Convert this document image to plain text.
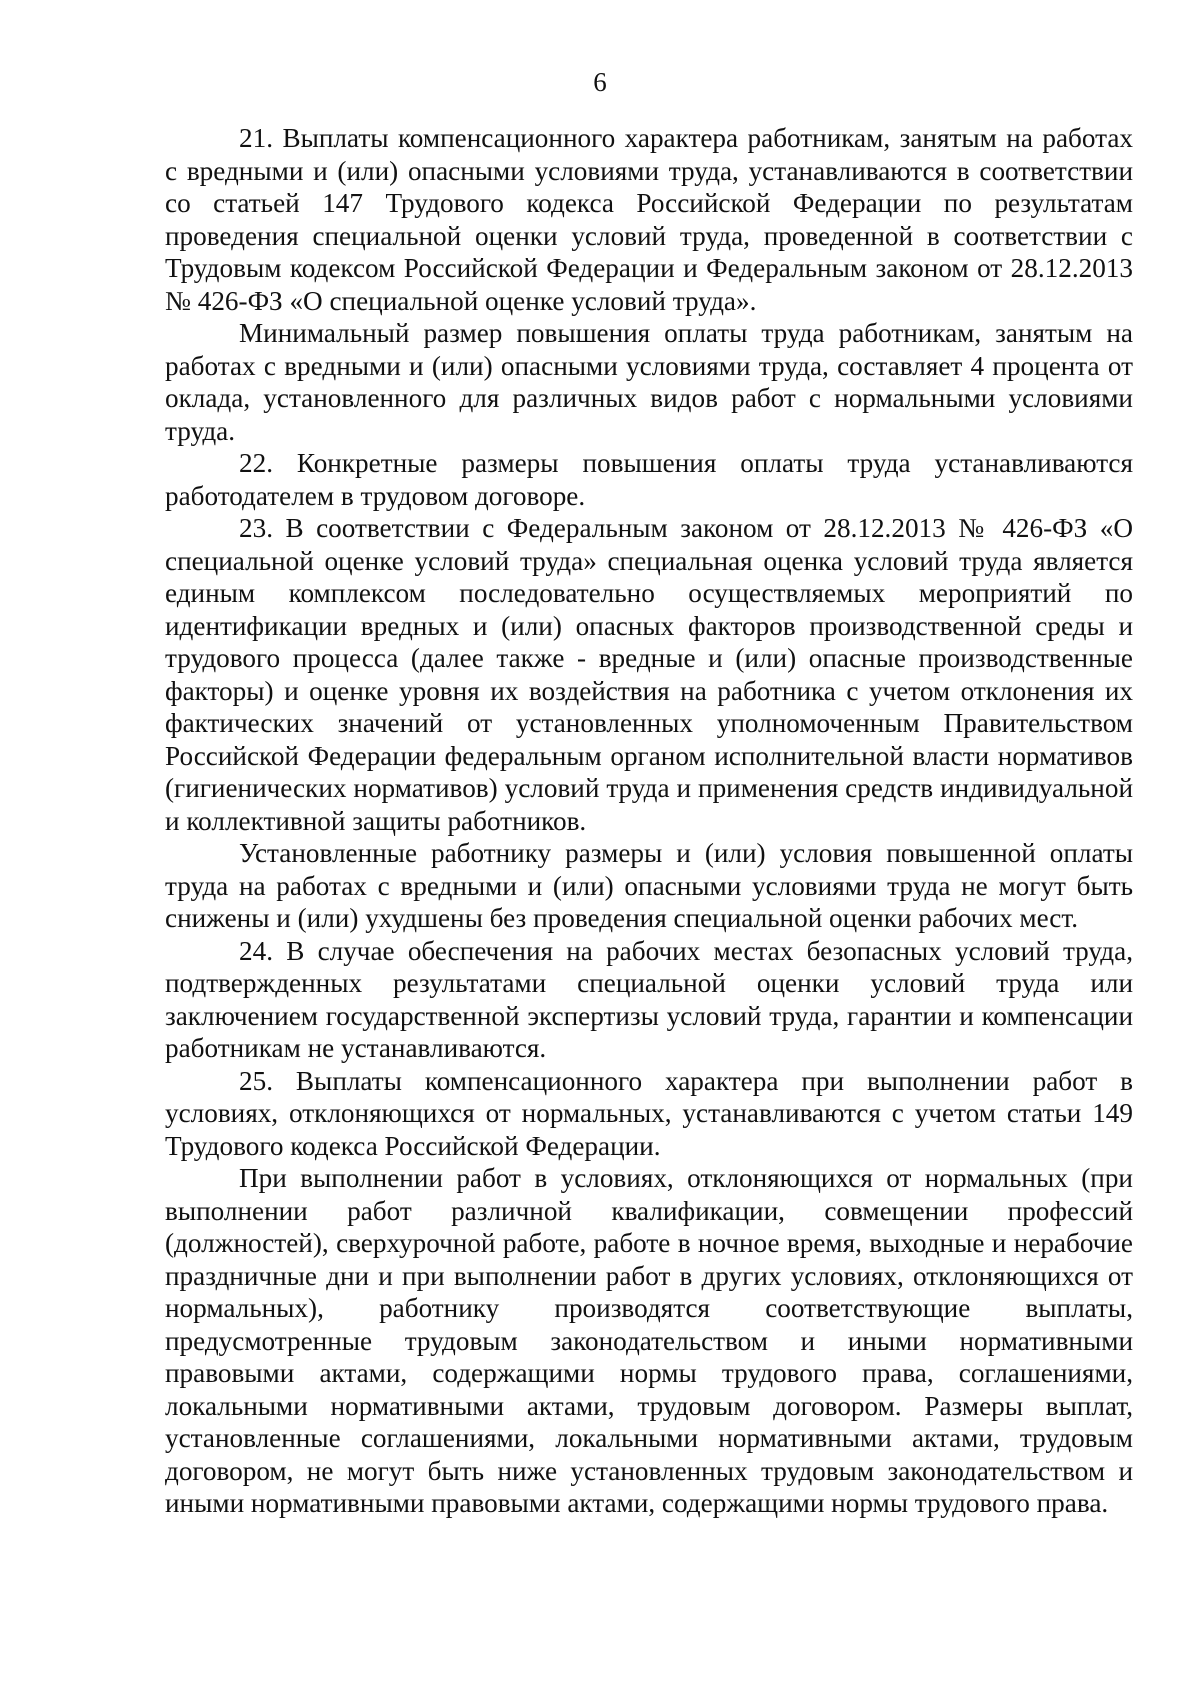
6

21. Выплаты компенсационного характера работникам, занятым на работах с вредными и (или) опасными условиями труда, устанавливаются в соответствии со статьей 147 Трудового кодекса Российской Федерации по результатам проведения специальной оценки условий труда, проведенной в соответствии с Трудовым кодексом Российской Федерации и Федеральным законом от 28.12.2013 № 426-ФЗ «О специальной оценке условий труда».

Минимальный размер повышения оплаты труда работникам, занятым на работах с вредными и (или) опасными условиями труда, составляет 4 процента от оклада, установленного для различных видов работ с нормальными условиями труда.

22. Конкретные размеры повышения оплаты труда устанавливаются работодателем в трудовом договоре.

23. В соответствии с Федеральным законом от 28.12.2013 № 426-ФЗ «О специальной оценке условий труда» специальная оценка условий труда является единым комплексом последовательно осуществляемых мероприятий по идентификации вредных и (или) опасных факторов производственной среды и трудового процесса (далее также - вредные и (или) опасные производственные факторы) и оценке уровня их воздействия на работника с учетом отклонения их фактических значений от установленных уполномоченным Правительством Российской Федерации федеральным органом исполнительной власти нормативов (гигиенических нормативов) условий труда и применения средств индивидуальной и коллективной защиты работников.

Установленные работнику размеры и (или) условия повышенной оплаты труда на работах с вредными и (или) опасными условиями труда не могут быть снижены и (или) ухудшены без проведения специальной оценки рабочих мест.

24. В случае обеспечения на рабочих местах безопасных условий труда, подтвержденных результатами специальной оценки условий труда или заключением государственной экспертизы условий труда, гарантии и компенсации работникам не устанавливаются.

25. Выплаты компенсационного характера при выполнении работ в условиях, отклоняющихся от нормальных, устанавливаются с учетом статьи 149 Трудового кодекса Российской Федерации.

При выполнении работ в условиях, отклоняющихся от нормальных (при выполнении работ различной квалификации, совмещении профессий (должностей), сверхурочной работе, работе в ночное время, выходные и нерабочие праздничные дни и при выполнении работ в других условиях, отклоняющихся от нормальных), работнику производятся соответствующие выплаты, предусмотренные трудовым законодательством и иными нормативными правовыми актами, содержащими нормы трудового права, соглашениями, локальными нормативными актами, трудовым договором. Размеры выплат, установленные соглашениями, локальными нормативными актами, трудовым договором, не могут быть ниже установленных трудовым законодательством и иными нормативными правовыми актами, содержащими нормы трудового права.
